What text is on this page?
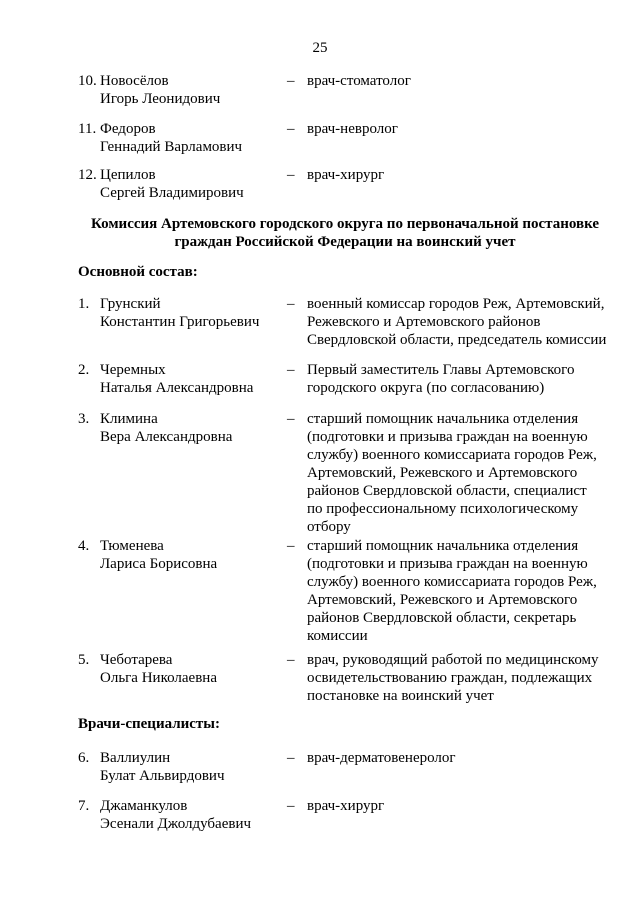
25
10. Новосёлов
Игорь Леонидович
– врач-стоматолог
11. Федоров
Геннадий Варламович
– врач-невролог
12. Цепилов
Сергей Владимирович
– врач-хирург
Комиссия Артемовского городского округа по первоначальной постановке
граждан Российской Федерации на воинский учет
Основной состав:
1. Грунский
Константин Григорьевич
– военный комиссар городов Реж, Артемовский,
Режевского и Артемовского районов
Свердловской области, председатель комиссии
2. Черемных
Наталья Александровна
– Первый заместитель Главы Артемовского
городского округа (по согласованию)
3. Климина
Вера Александровна
– старший помощник начальника отделения
(подготовки и призыва граждан на военную
службу) военного комиссариата городов Реж,
Артемовский, Режевского и Артемовского
районов Свердловской области, специалист
по профессиональному психологическому
отбору
4. Тюменева
Лариса Борисовна
– старший помощник начальника отделения
(подготовки и призыва граждан на военную
службу) военного комиссариата городов Реж,
Артемовский, Режевского и Артемовского
районов Свердловской области, секретарь
комиссии
5. Чеботарева
Ольга Николаевна
– врач, руководящий работой по медицинскому
освидетельствованию граждан, подлежащих
постановке на воинский учет
Врачи-специалисты:
6. Валлиулин
Булат Альвирдович
– врач-дерматовенеролог
7. Джаманкулов
Эсенали Джолдубаевич
– врач-хирург
